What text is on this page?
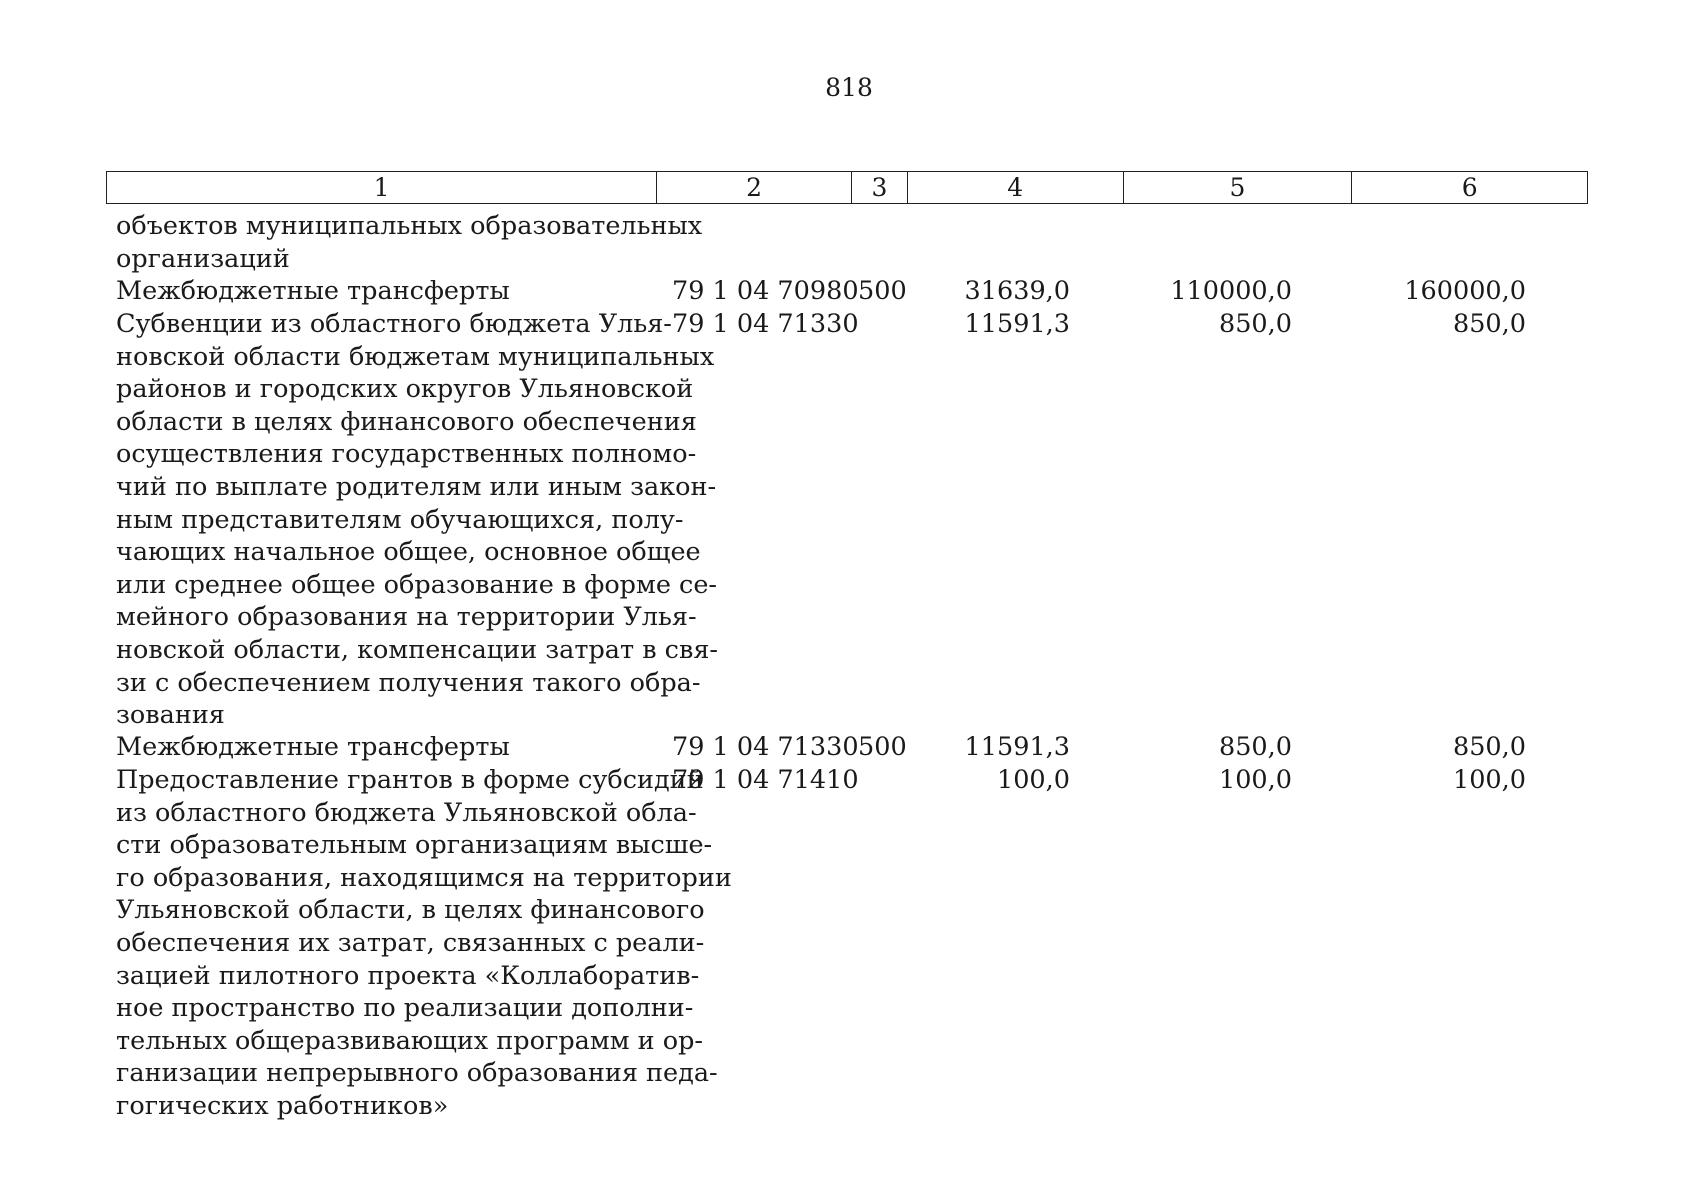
818
1	2	3	4	5	6
объектов муниципальных образовательных
организаций
Межбюджетные трансферты	79 1 04 70980 500	31639,0	110000,0	160000,0
Субвенции из областного бюджета Улья-
новской области бюджетам муниципальных
районов и городских округов Ульяновской
области в целях финансового обеспечения
осуществления государственных полномо-
чий по выплате родителям или иным закон-
ным представителям обучающихся, полу-
чающих начальное общее, основное общее
или среднее общее образование в форме се-
мейного образования на территории Улья-
новской области, компенсации затрат в свя-
зи с обеспечением получения такого обра-
зования
79 1 04 71330	11591,3	850,0	850,0
Межбюджетные трансферты	79 1 04 71330 500	11591,3	850,0	850,0
Предоставление грантов в форме субсидий
из областного бюджета Ульяновской обла-
сти образовательным организациям высше-
го образования, находящимся на территории
Ульяновской области, в целях финансового
обеспечения их затрат, связанных с реали-
зацией пилотного проекта «Коллаборатив-
ное пространство по реализации дополни-
тельных общеразвивающих программ и ор-
ганизации непрерывного образования педа-
гогических работников»
79 1 04 71410	100,0	100,0	100,0
